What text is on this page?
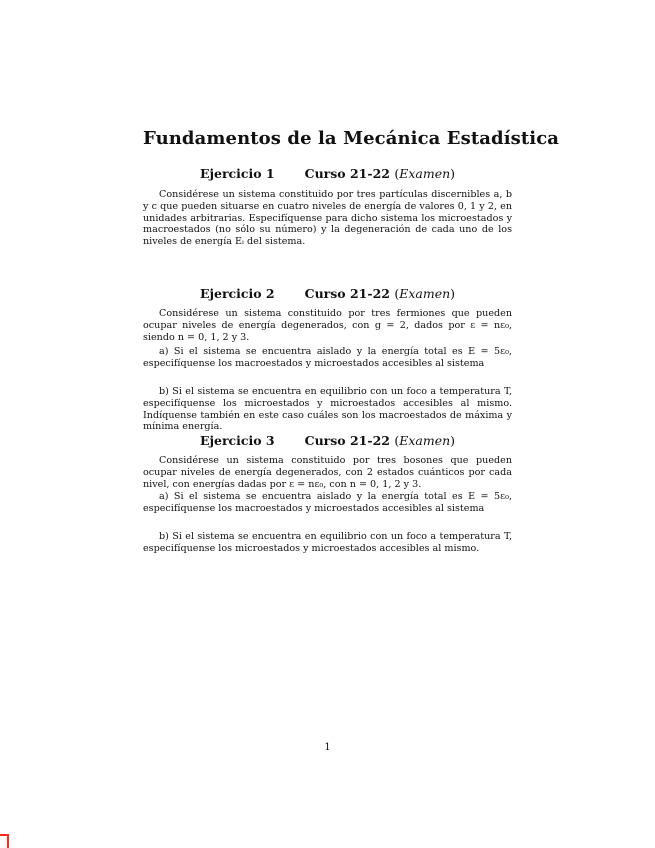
Fundamentos de la Mecánica Estadística
Ejercicio 1 Curso 21-22 (Examen)
Considérese un sistema constituido por tres partículas discernibles a, b y c que pueden situarse en cuatro niveles de energía de valores 0, 1 y 2, en unidades arbitrarias. Especifíquense para dicho sistema los microestados y macroestados (no sólo su número) y la degeneración de cada uno de los niveles de energía Eᵢ del sistema.
Ejercicio 2 Curso 21-22 (Examen)
Considérese un sistema constituido por tres fermiones que pueden ocupar niveles de energía degenerados, con g = 2, dados por ε = nε₀, siendo n = 0, 1, 2 y 3.
a) Si el sistema se encuentra aislado y la energía total es E = 5ε₀, especifíquense los macroestados y microestados accesibles al sistema
b) Si el sistema se encuentra en equilibrio con un foco a temperatura T, especifíquense los microestados y microestados accesibles al mismo. Indíquense también en este caso cuáles son los macroestados de máxima y mínima energía.
Ejercicio 3 Curso 21-22 (Examen)
Considérese un sistema constituido por tres bosones que pueden ocupar niveles de energía degenerados, con 2 estados cuánticos por cada nivel, con energías dadas por ε = nε₀, con n = 0, 1, 2 y 3.
a) Si el sistema se encuentra aislado y la energía total es E = 5ε₀, especifíquense los macroestados y microestados accesibles al sistema
b) Si el sistema se encuentra en equilibrio con un foco a temperatura T, especifíquense los microestados y microestados accesibles al mismo.
1
